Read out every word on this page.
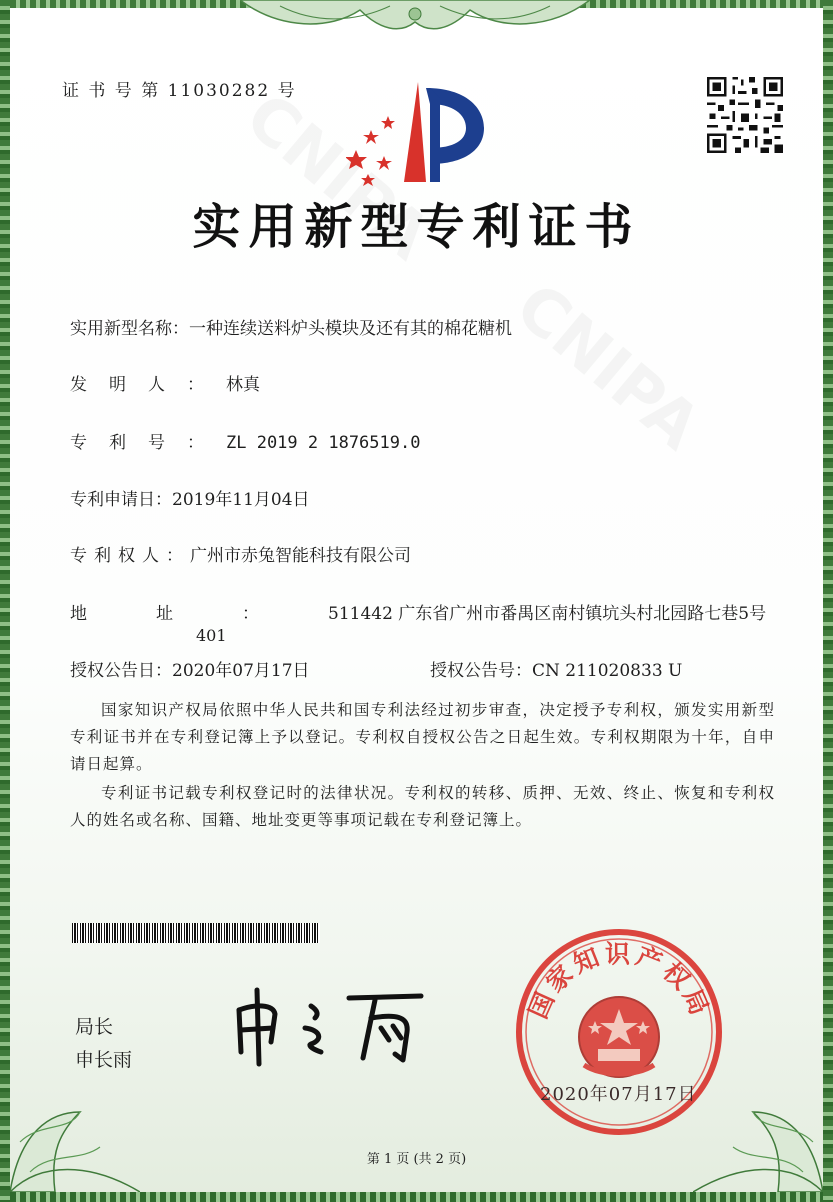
证 书 号 第 11030282 号
实用新型专利证书
实用新型名称：一种连续送料炉头模块及还有其的棉花糖机
发明人：林真
专利号：ZL 2019 2 1876519.0
专利申请日：2019年11月04日
专利权人：广州市赤兔智能科技有限公司
地址：511442 广东省广州市番禺区南村镇坑头村北园路七巷5号
401
授权公告日：2020年07月17日	授权公告号：CN 211020833 U
国家知识产权局依照中华人民共和国专利法经过初步审查，决定授予专利权，颁发实用新型专利证书并在专利登记簿上予以登记。专利权自授权公告之日起生效。专利权期限为十年，自申请日起算。
专利证书记载专利权登记时的法律状况。专利权的转移、质押、无效、终止、恢复和专利权人的姓名或名称、国籍、地址变更等事项记载在专利登记簿上。
局长
申长雨
国家知识产权局
2020年07月17日
第 1 页 (共 2 页)
